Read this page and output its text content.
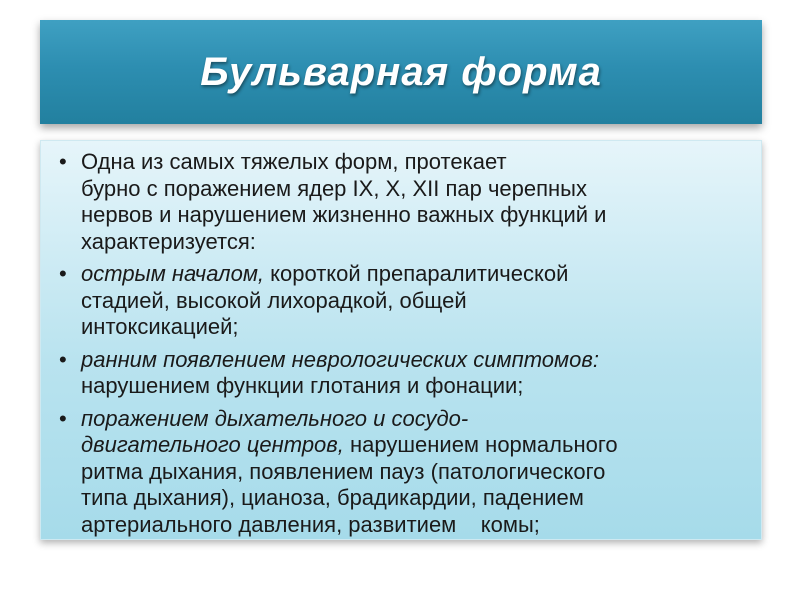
Бульварная форма
• Одна из самых тяжелых форм, протекает
бурно с поражением ядер IX, X, XII пар черепных
нервов и нарушением жизненно важных функций и
характеризуется:
• острым началом, короткой препаралитической
стадией, высокой лихорадкой, общей
интоксикацией;
• ранним появлением неврологических симптомов:
нарушением функции глотания и фонации;
• поражением дыхательного и сосудо-
двигательного центров, нарушением нормального
ритма дыхания, появлением пауз (патологического
типа дыхания), цианоза, брадикардии, падением
артериального давления, развитием    комы;
